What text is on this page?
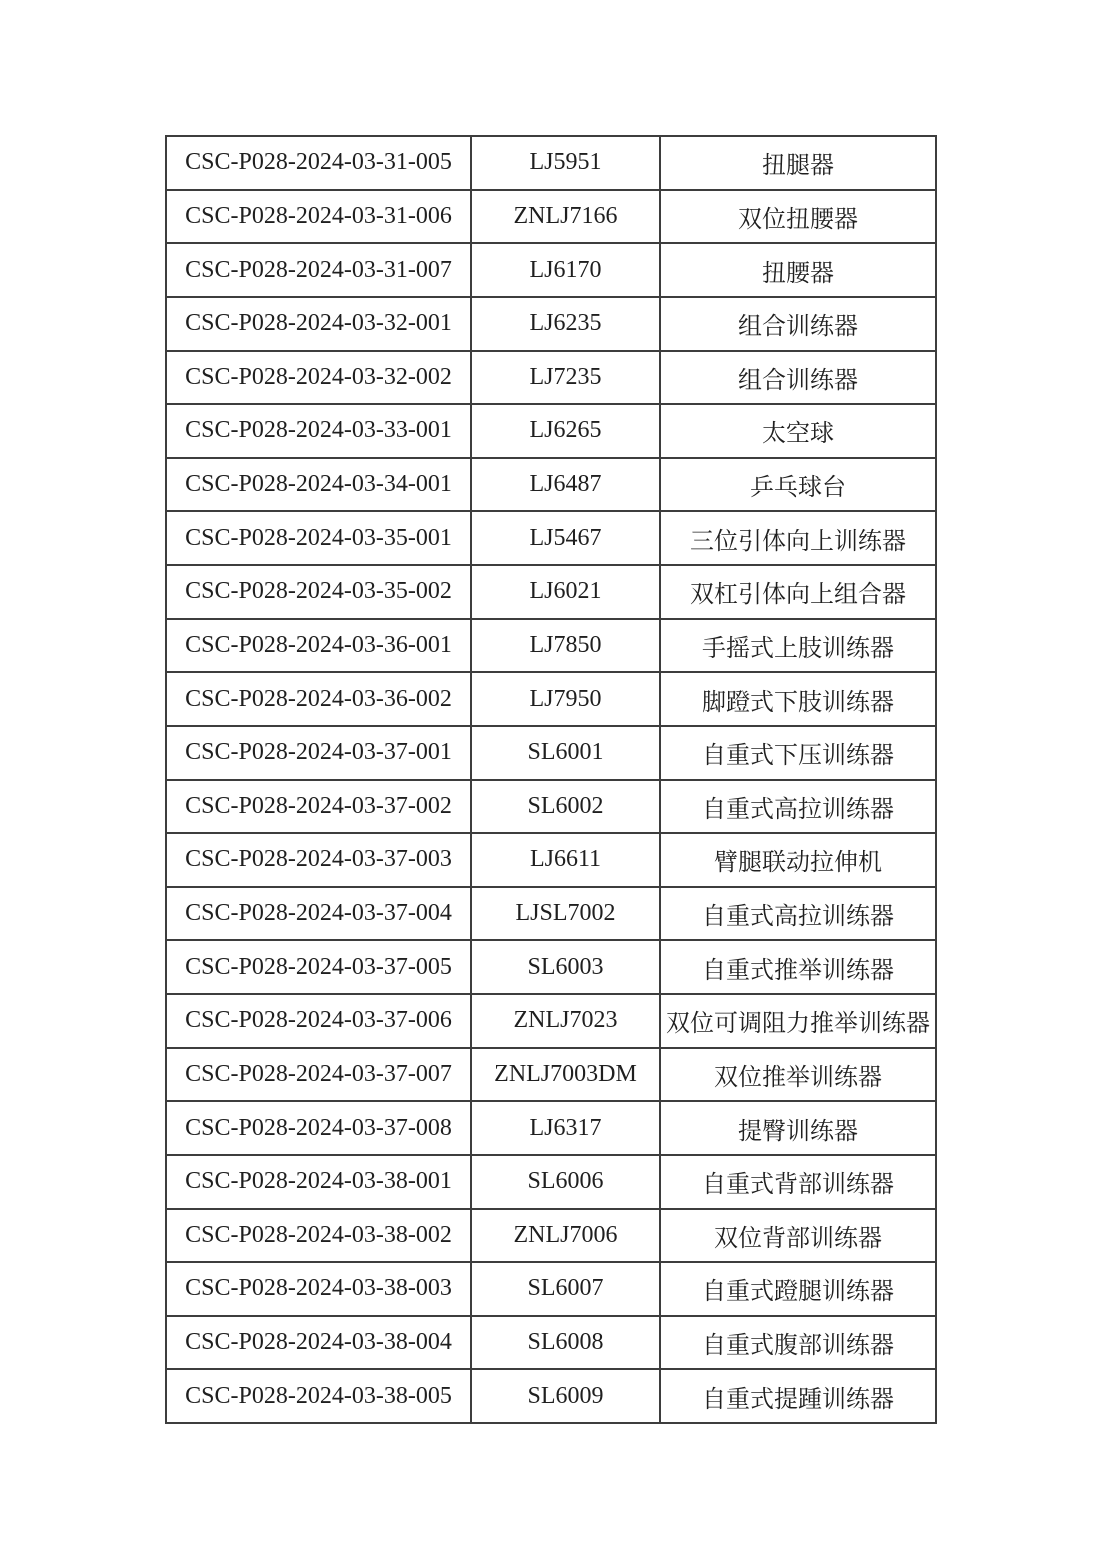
CSC-P028-2024-03-31-005	LJ5951	扭腿器
CSC-P028-2024-03-31-006	ZNLJ7166	双位扭腰器
CSC-P028-2024-03-31-007	LJ6170	扭腰器
CSC-P028-2024-03-32-001	LJ6235	组合训练器
CSC-P028-2024-03-32-002	LJ7235	组合训练器
CSC-P028-2024-03-33-001	LJ6265	太空球
CSC-P028-2024-03-34-001	LJ6487	乒乓球台
CSC-P028-2024-03-35-001	LJ5467	三位引体向上训练器
CSC-P028-2024-03-35-002	LJ6021	双杠引体向上组合器
CSC-P028-2024-03-36-001	LJ7850	手摇式上肢训练器
CSC-P028-2024-03-36-002	LJ7950	脚蹬式下肢训练器
CSC-P028-2024-03-37-001	SL6001	自重式下压训练器
CSC-P028-2024-03-37-002	SL6002	自重式高拉训练器
CSC-P028-2024-03-37-003	LJ6611	臂腿联动拉伸机
CSC-P028-2024-03-37-004	LJSL7002	自重式高拉训练器
CSC-P028-2024-03-37-005	SL6003	自重式推举训练器
CSC-P028-2024-03-37-006	ZNLJ7023	双位可调阻力推举训练器
CSC-P028-2024-03-37-007	ZNLJ7003DM	双位推举训练器
CSC-P028-2024-03-37-008	LJ6317	提臀训练器
CSC-P028-2024-03-38-001	SL6006	自重式背部训练器
CSC-P028-2024-03-38-002	ZNLJ7006	双位背部训练器
CSC-P028-2024-03-38-003	SL6007	自重式蹬腿训练器
CSC-P028-2024-03-38-004	SL6008	自重式腹部训练器
CSC-P028-2024-03-38-005	SL6009	自重式提踵训练器
